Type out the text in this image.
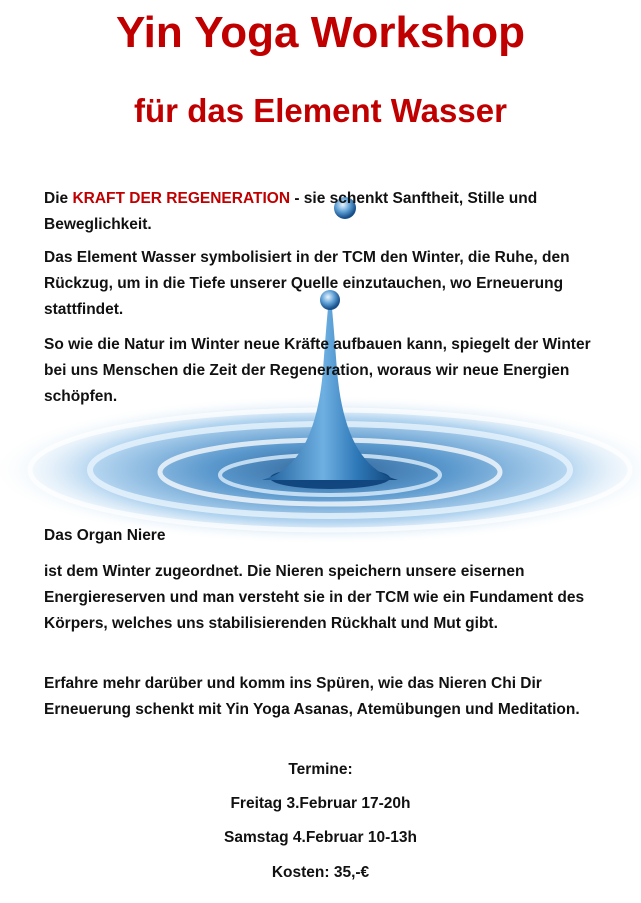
Yin Yoga Workshop
für das Element Wasser

Die KRAFT DER REGENERATION - sie schenkt Sanftheit, Stille und Beweglichkeit.

Das Element Wasser symbolisiert in der TCM den Winter, die Ruhe, den Rückzug, um in die Tiefe unserer Quelle einzutauchen, wo Erneuerung stattfindet.

So wie die Natur im Winter neue Kräfte aufbauen kann, spiegelt der Winter bei uns Menschen die Zeit der Regeneration, woraus wir neue Energien schöpfen.

Das Organ Niere

ist dem Winter zugeordnet. Die Nieren speichern unsere eisernen Energiereserven und man versteht sie in der TCM wie ein Fundament des Körpers, welches uns stabilisierenden Rückhalt und Mut gibt.

Erfahre mehr darüber und komm ins Spüren, wie das Nieren Chi Dir Erneuerung schenkt mit Yin Yoga Asanas, Atemübungen und Meditation.

Termine:

Freitag 3.Februar 17-20h

Samstag 4.Februar 10-13h

Kosten: 35,-€
